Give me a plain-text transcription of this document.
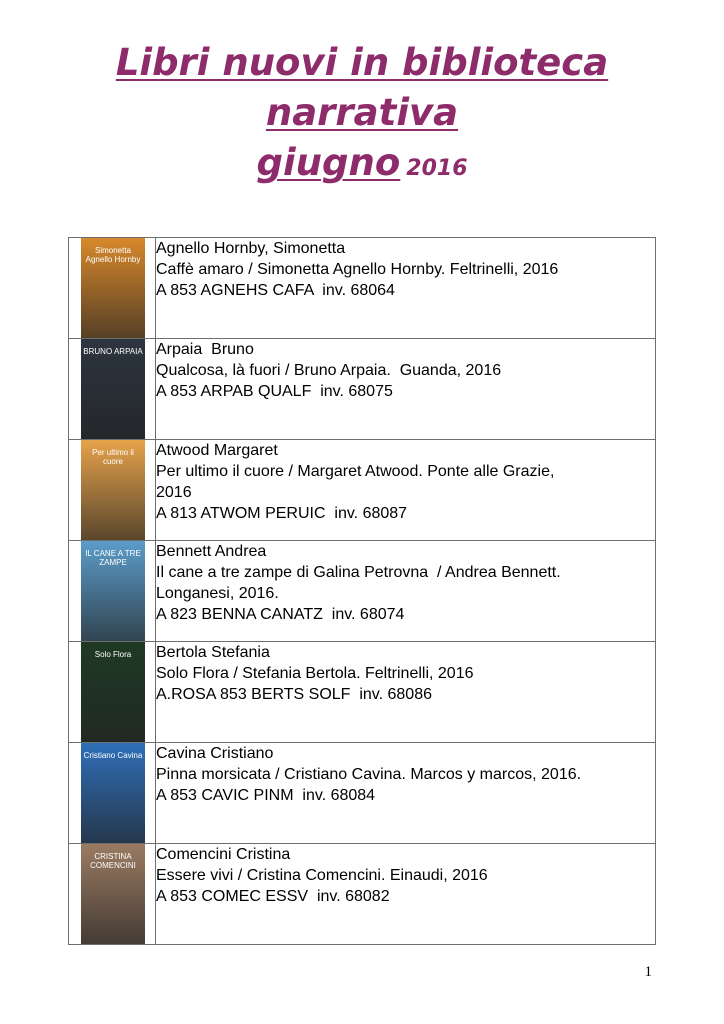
Libri nuovi in biblioteca
narrativa
giugno 2016
Simonetta Agnello Hornby	Agnello Hornby, Simonetta
Caffè amaro / Simonetta Agnello Hornby. Feltrinelli, 2016
A 853 AGNEHS CAFA  inv. 68064

BRUNO ARPAIA	Arpaia  Bruno
Qualcosa, là fuori / Bruno Arpaia.  Guanda, 2016
A 853 ARPAB QUALF  inv. 68075

Per ultimo il cuore	Atwood Margaret
Per ultimo il cuore / Margaret Atwood. Ponte alle Grazie,
2016
A 813 ATWOM PERUIC  inv. 68087

IL CANE A TRE ZAMPE	Bennett Andrea
Il cane a tre zampe di Galina Petrovna  / Andrea Bennett.
Longanesi, 2016.
A 823 BENNA CANATZ  inv. 68074

Solo Flora	Bertola Stefania
Solo Flora / Stefania Bertola. Feltrinelli, 2016
A.ROSA 853 BERTS SOLF  inv. 68086

Cristiano Cavina	Cavina Cristiano
Pinna morsicata / Cristiano Cavina. Marcos y marcos, 2016.
A 853 CAVIC PINM  inv. 68084

CRISTINA COMENCINI	Comencini Cristina
Essere vivi / Cristina Comencini. Einaudi, 2016
A 853 COMEC ESSV  inv. 68082
1
